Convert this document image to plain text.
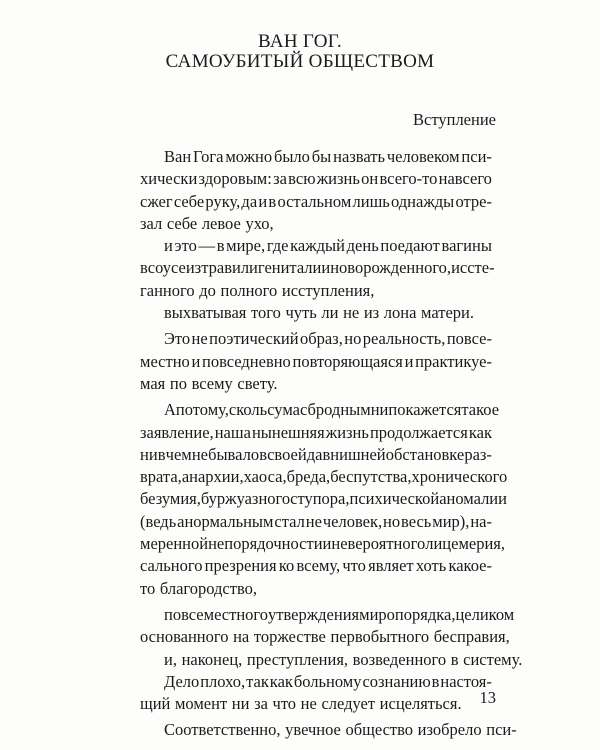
ВАН ГОГ.
САМОУБИТЫЙ ОБЩЕСТВОМ
Вступление
Ван Гога можно было бы назвать человеком пси-
хически здоровым: за всю жизнь он всего-то навсего
сжег себе руку, да и в остальном лишь однажды отре-
зал себе левое ухо,
и это — в мире, где каждый день поедают вагины
в соусе из трав или гениталии новорожденного, иссте-
ганного до полного исступления,
выхватывая того чуть ли не из лона матери.
Это не поэтический образ, но реальность, повсе-
местно и повседневно повторяющаяся и практикуе-
мая по всему свету.
А потому, сколь сумасбродным ни покажется такое
заявление, наша нынешняя жизнь продолжается как
ни в чем не бывало в своей давнишней обстановке раз-
врата, анархии, хаоса, бреда, беспутства, хронического
безумия, буржуазного ступора, психической аномалии
(ведь анормальным стал не человек, но весь мир), на-
меренной непорядочности и невероятного лицемерия,
сального презрения ко всему, что являет хоть какое-
то благородство,
повсеместного утверждения миропорядка, целиком
основанного на торжестве первобытного бесправия,
и, наконец, преступления, возведенного в систему.
Дело плохо, так как больному сознанию в настоя-
щий момент ни за что не следует исцеляться.
Соответственно, увечное общество изобрело пси-
13
